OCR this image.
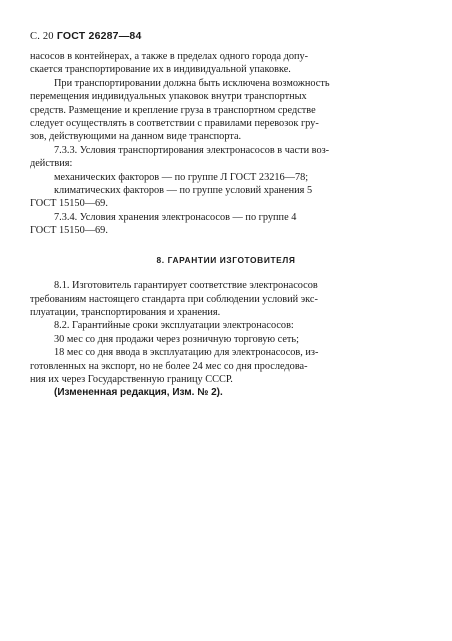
С. 20 ГОСТ 26287—84
насосов в контейнерах, а также в пределах одного города допу-
скается транспортирование их в индивидуальной упаковке.
При транспортировании должна быть исключена возможность
перемещения индивидуальных упаковок внутри транспортных
средств. Размещение и крепление груза в транспортном средстве
следует осуществлять в соответствии с правилами перевозок гру-
зов, действующими на данном виде транспорта.
7.3.3. Условия транспортирования электронасосов в части воз-
действия:
механических факторов — по группе Л ГОСТ 23216—78;
климатических факторов — по группе условий хранения 5
ГОСТ 15150—69.
7.3.4. Условия хранения электронасосов — по группе 4
ГОСТ 15150—69.
8. ГАРАНТИИ ИЗГОТОВИТЕЛЯ
8.1. Изготовитель гарантирует соответствие электронасосов
требованиям настоящего стандарта при соблюдении условий экс-
плуатации, транспортирования и хранения.
8.2. Гарантийные сроки эксплуатации электронасосов:
30 мес со дня продажи через розничную торговую сеть;
18 мес со дня ввода в эксплуатацию для электронасосов, из-
готовленных на экспорт, но не более 24 мес со дня проследова-
ния их через Государственную границу СССР.
(Измененная редакция, Изм. № 2).
